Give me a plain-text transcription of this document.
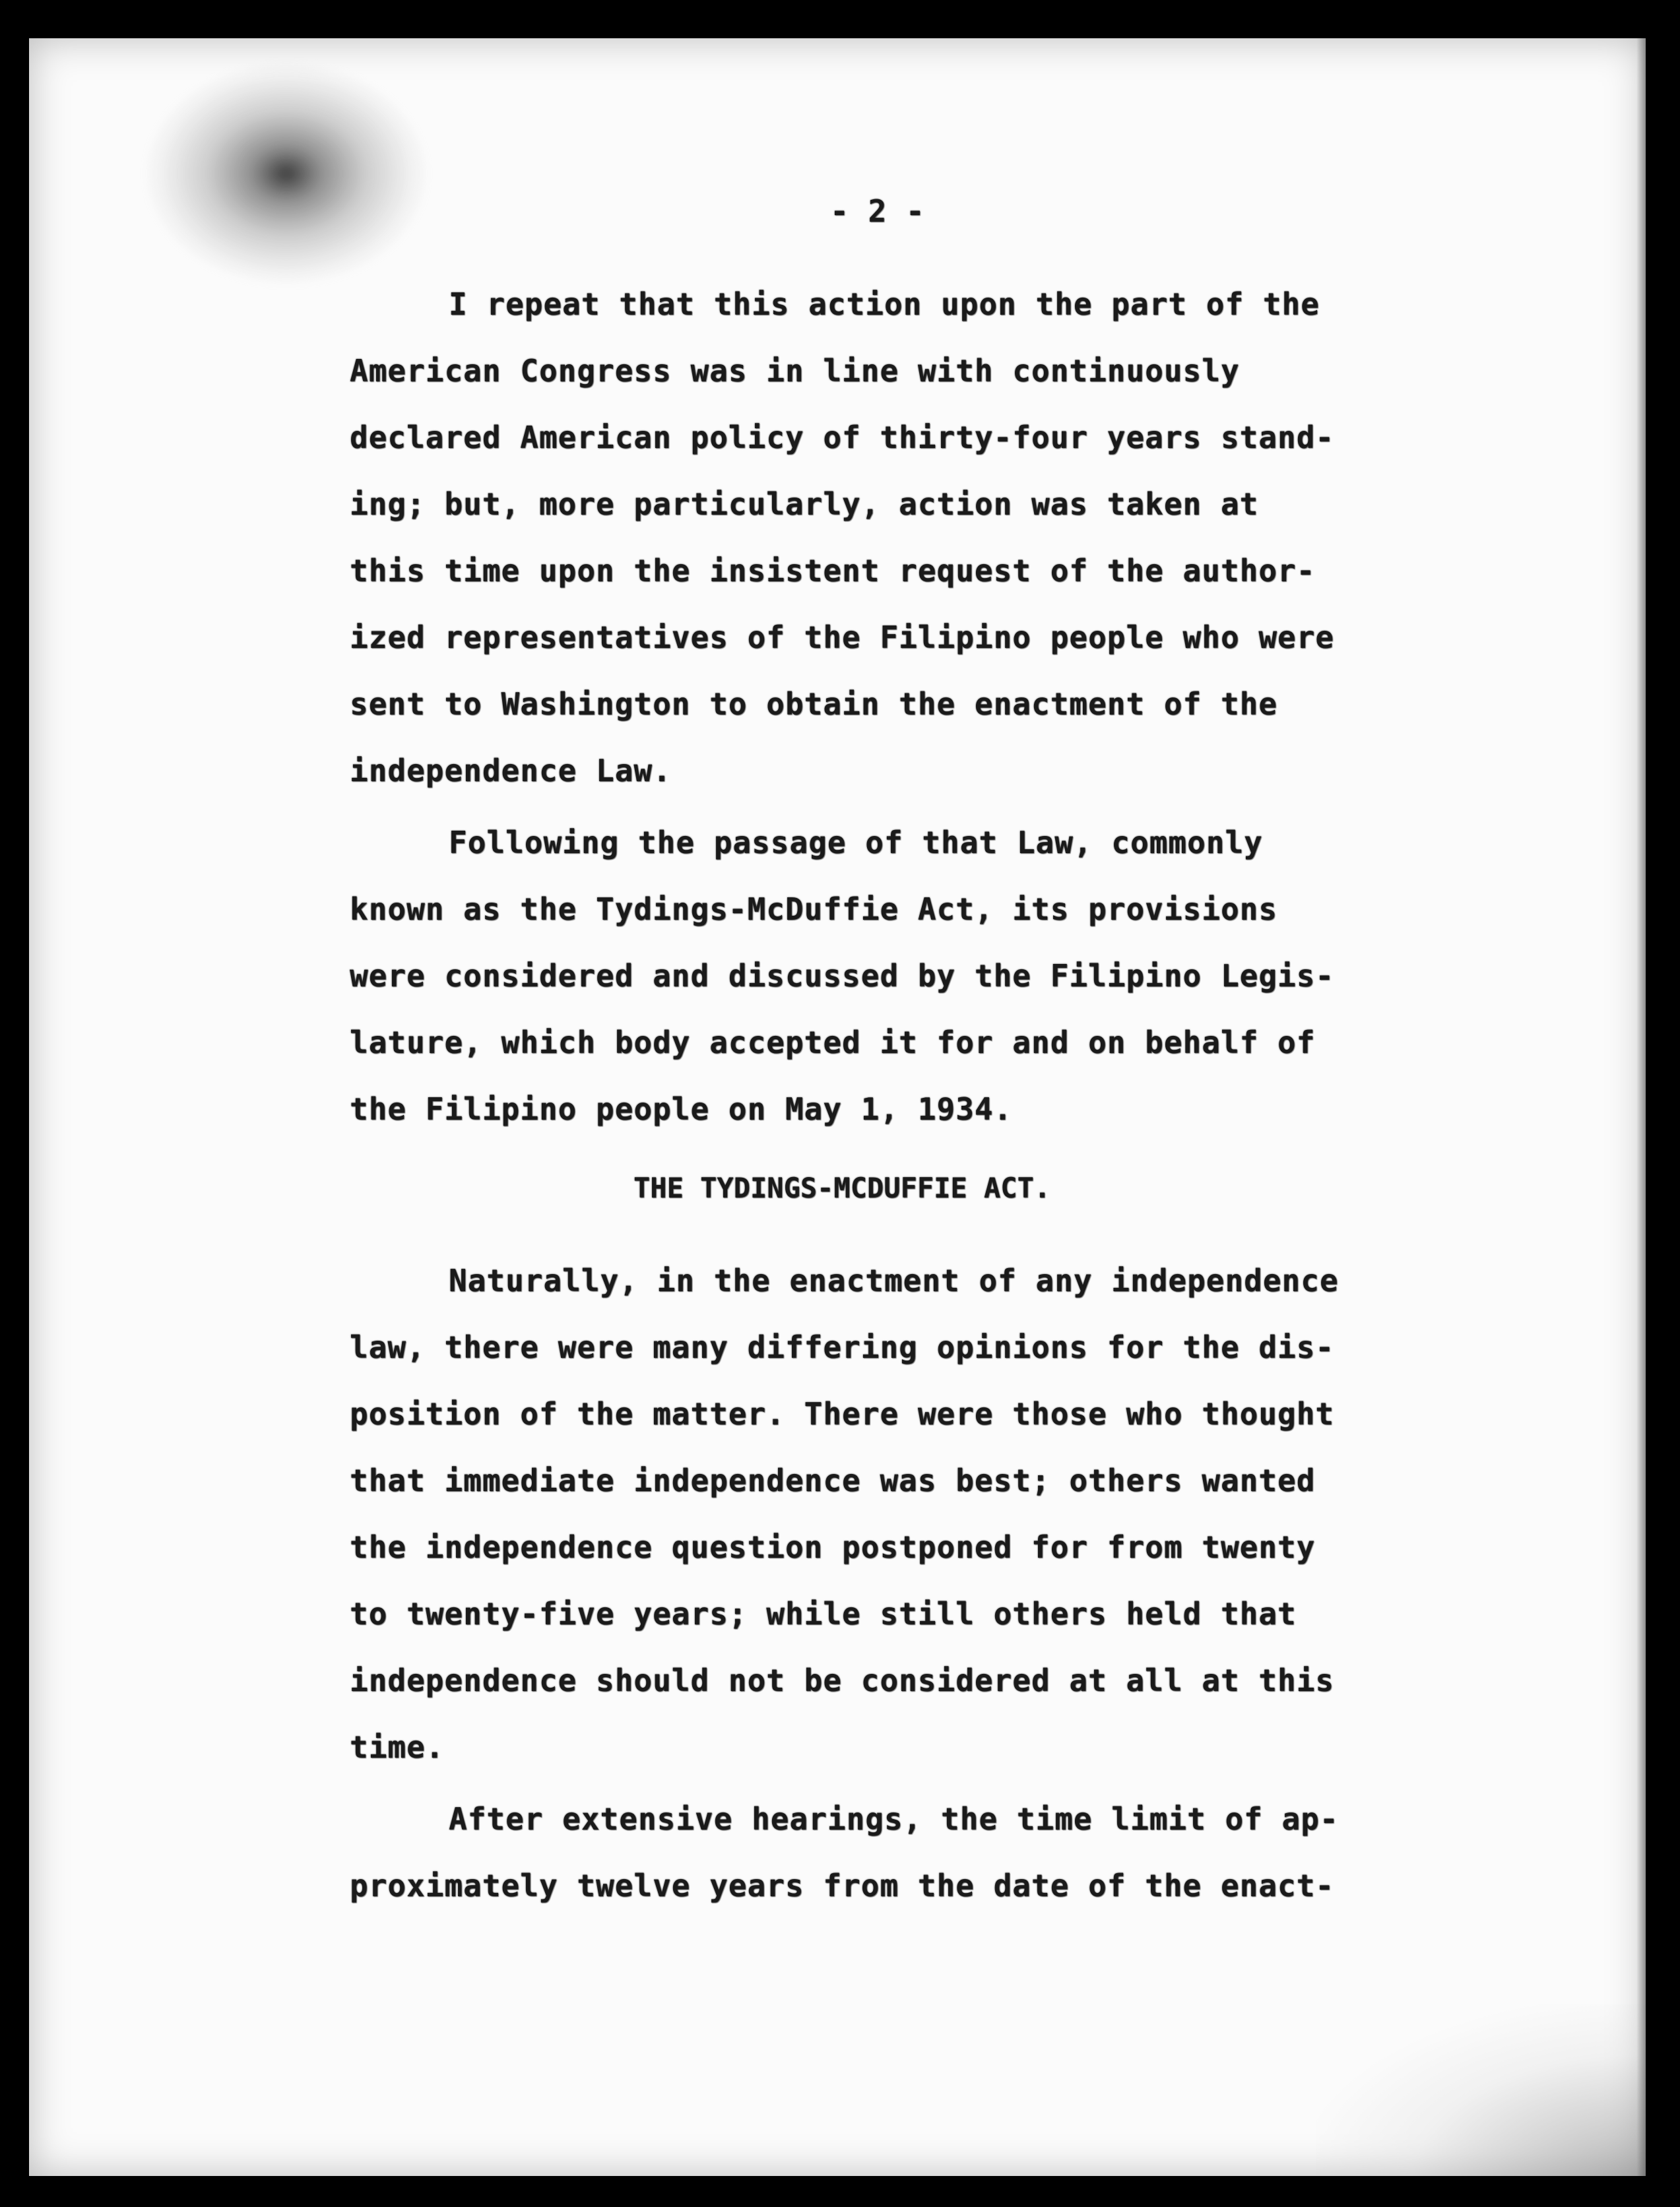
- 2 -
I repeat that this action upon the part of the
American Congress was in line with continuously
declared American policy of thirty-four years stand-
ing; but, more particularly, action was taken at
this time upon the insistent request of the author-
ized representatives of the Filipino people who were
sent to Washington to obtain the enactment of the
independence Law.
Following the passage of that Law, commonly
known as the Tydings-McDuffie Act, its provisions
were considered and discussed by the Filipino Legis-
lature, which body accepted it for and on behalf of
the Filipino people on May 1, 1934.
THE TYDINGS-MCDUFFIE ACT.
Naturally, in the enactment of any independence
law, there were many differing opinions for the dis-
position of the matter. There were those who thought
that immediate independence was best; others wanted
the independence question postponed for from twenty
to twenty-five years; while still others held that
independence should not be considered at all at this
time.
After extensive hearings, the time limit of ap-
proximately twelve years from the date of the enact-
